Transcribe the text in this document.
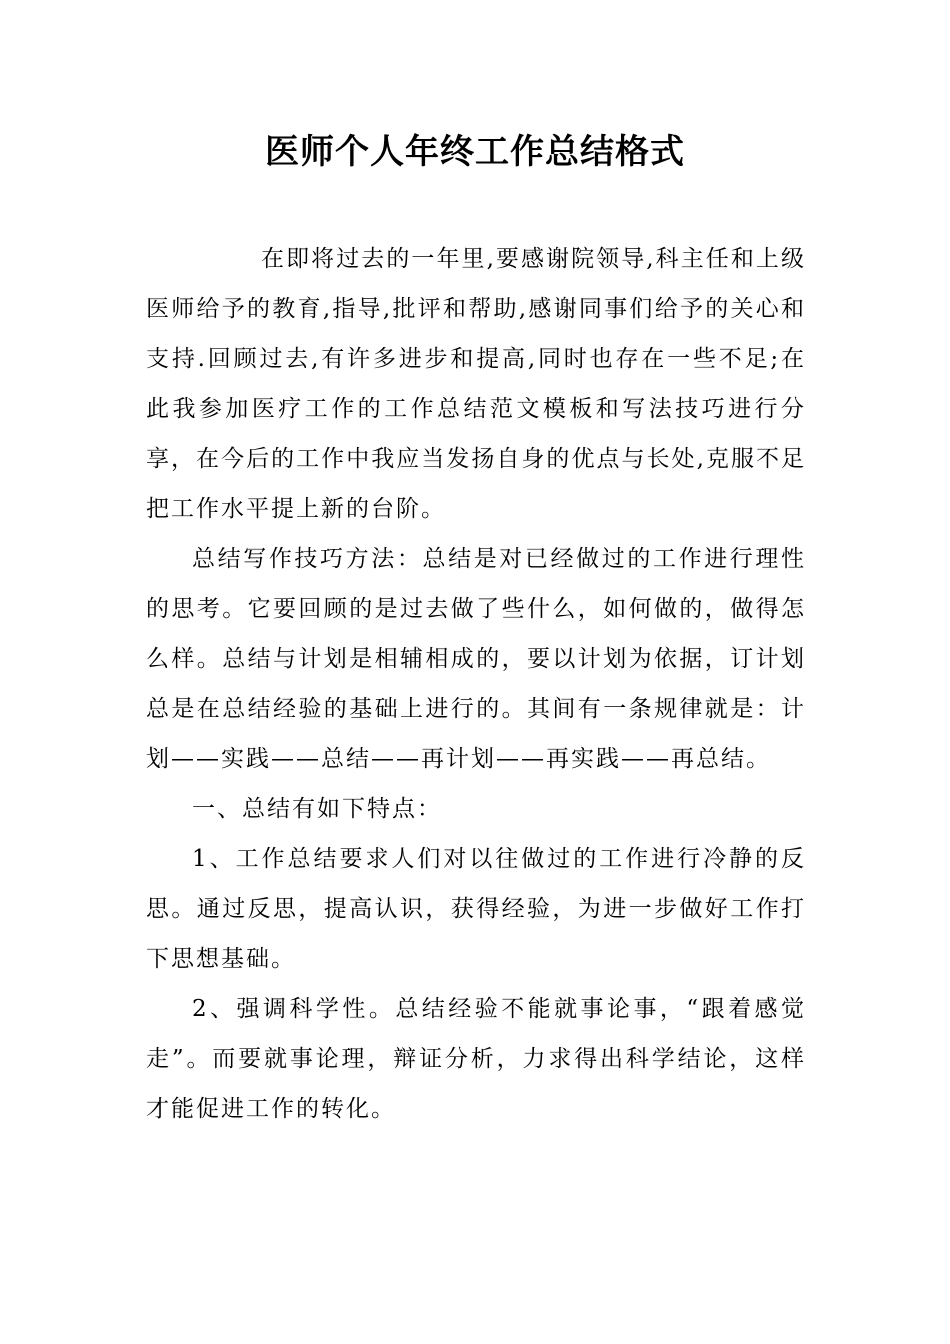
医师个人年终工作总结格式

在即将过去的一年里,要感谢院领导,科主任和上级医师给予的教育,指导,批评和帮助,感谢同事们给予的关心和支持.回顾过去,有许多进步和提高,同时也存在一些不足;在此我参加医疗工作的工作总结范文模板和写法技巧进行分享，在今后的工作中我应当发扬自身的优点与长处,克服不足把工作水平提上新的台阶。

总结写作技巧方法：总结是对已经做过的工作进行理性的思考。它要回顾的是过去做了些什么，如何做的，做得怎么样。总结与计划是相辅相成的，要以计划为依据，订计划总是在总结经验的基础上进行的。其间有一条规律就是：计划——实践——总结——再计划——再实践——再总结。

一、总结有如下特点：

1、工作总结要求人们对以往做过的工作进行冷静的反思。通过反思，提高认识，获得经验，为进一步做好工作打下思想基础。

2、强调科学性。总结经验不能就事论事，“跟着感觉走”。而要就事论理，辩证分析，力求得出科学结论，这样才能促进工作的转化。
